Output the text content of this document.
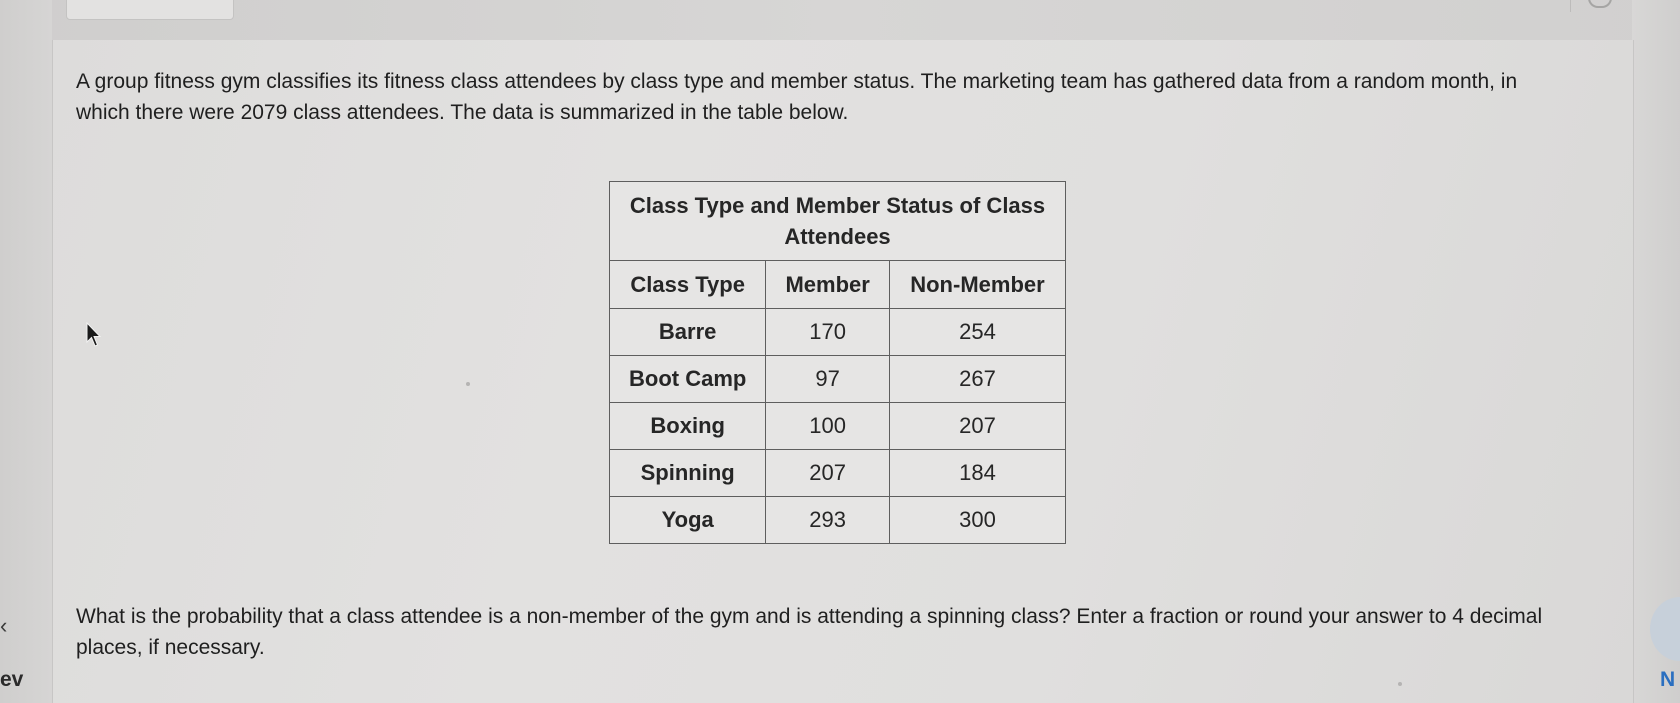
A group fitness gym classifies its fitness class attendees by class type and member status. The marketing team has gathered data from a random month, in which there were 2079 class attendees. The data is summarized in the table below.

Class Type and Member Status of Class Attendees		
Class Type	Member	Non-Member
Barre	170	254
Boot Camp	97	267
Boxing	100	207
Spinning	207	184
Yoga	293	300

What is the probability that a class attendee is a non-member of the gym and is attending a spinning class? Enter a fraction or round your answer to 4 decimal places, if necessary.

‹
ev	N
